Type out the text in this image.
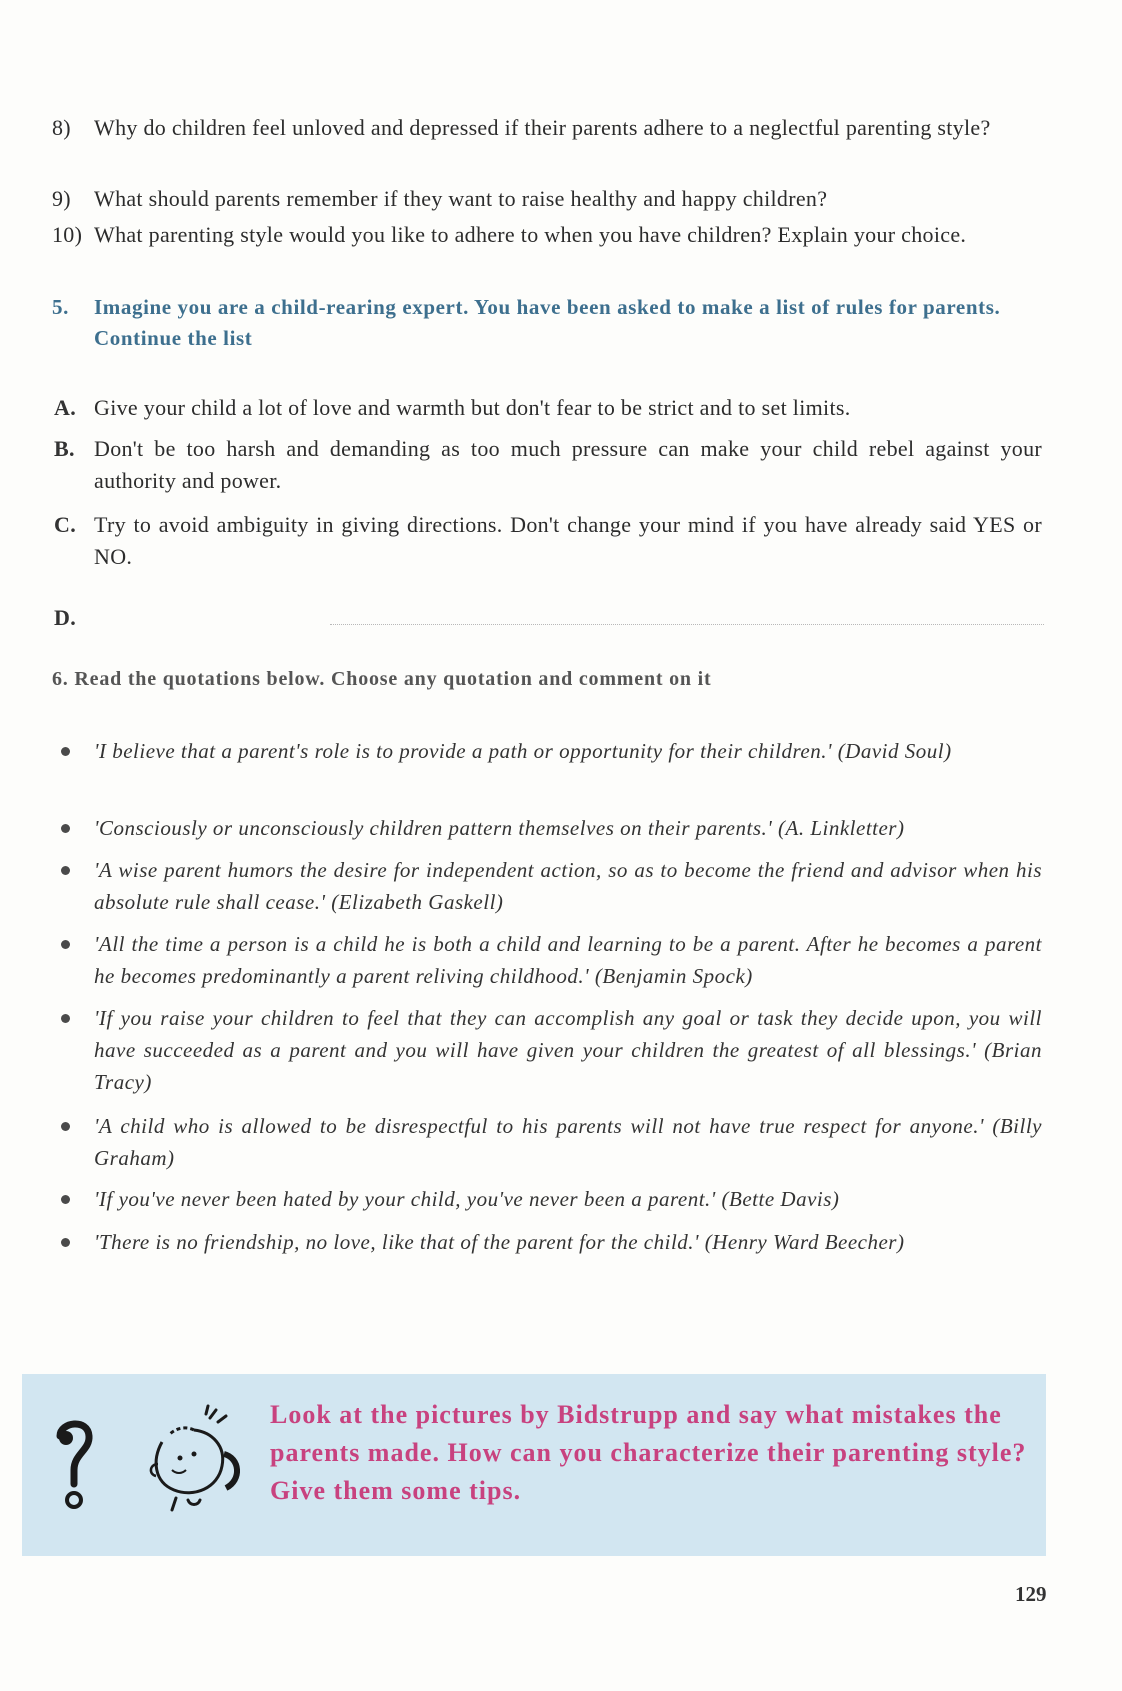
8) Why do children feel unloved and depressed if their parents adhere to a neglectful parenting style?
9) What should parents remember if they want to raise healthy and happy children?
10) What parenting style would you like to adhere to when you have children? Explain your choice.
5. Imagine you are a child-rearing expert. You have been asked to make a list of rules for parents. Continue the list
A. Give your child a lot of love and warmth but don't fear to be strict and to set limits.
B. Don't be too harsh and demanding as too much pressure can make your child rebel against your authority and power.
C. Try to avoid ambiguity in giving directions. Don't change your mind if you have already said YES or NO.
D.
6. Read the quotations below. Choose any quotation and comment on it
'I believe that a parent's role is to provide a path or opportunity for their children.' (David Soul)
'Consciously or unconsciously children pattern themselves on their parents.' (A. Linkletter)
'A wise parent humors the desire for independent action, so as to become the friend and advisor when his absolute rule shall cease.' (Elizabeth Gaskell)
'All the time a person is a child he is both a child and learning to be a parent. After he becomes a parent he becomes predominantly a parent reliving childhood.' (Benjamin Spock)
'If you raise your children to feel that they can accomplish any goal or task they decide upon, you will have succeeded as a parent and you will have given your children the greatest of all blessings.' (Brian Tracy)
'A child who is allowed to be disrespectful to his parents will not have true respect for anyone.' (Billy Graham)
'If you've never been hated by your child, you've never been a parent.' (Bette Davis)
'There is no friendship, no love, like that of the parent for the child.' (Henry Ward Beecher)
Look at the pictures by Bidstrupp and say what mistakes the parents made. How can you characterize their parenting style? Give them some tips.
129
